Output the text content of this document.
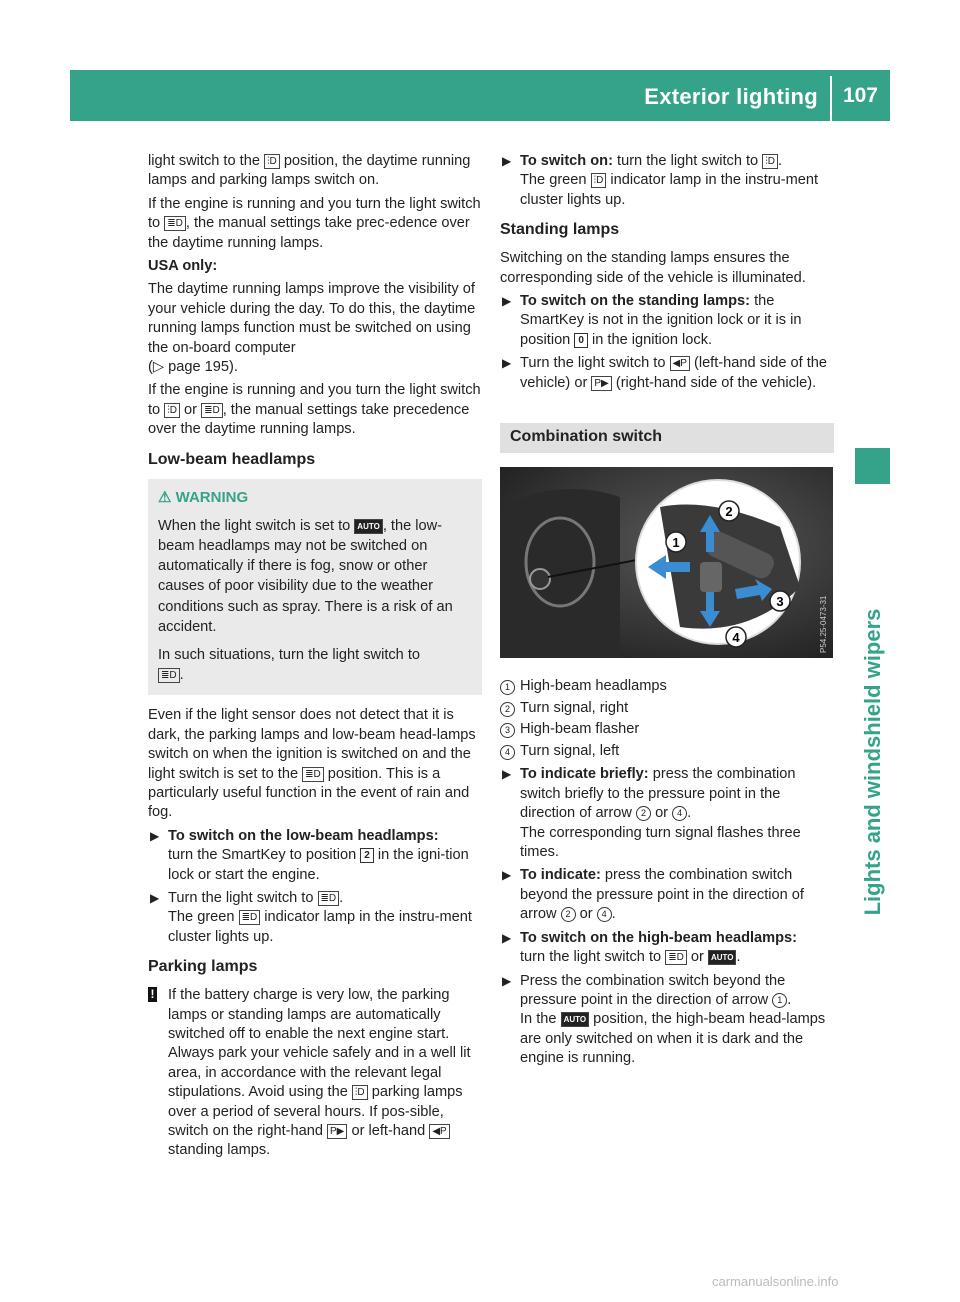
Exterior lighting 107
Lights and windshield wipers

light switch to the ⫶D position, the daytime running lamps and parking lamps switch on.

If the engine is running and you turn the light switch to ≣D , the manual settings take prec-edence over the daytime running lamps.

USA only:

The daytime running lamps improve the visibility of your vehicle during the day. To do this, the daytime running lamps function must be switched on using the on-board computer
(▷ page 195).

If the engine is running and you turn the light switch to ⫶D or ≣D , the manual settings take precedence over the daytime running lamps.

Low-beam headlamps
⚠ WARNING

When the light switch is set to AUTO , the low-beam headlamps may not be switched on automatically if there is fog, snow or other causes of poor visibility due to the weather conditions such as spray. There is a risk of an accident.

In such situations, turn the light switch to
≣D .

Even if the light sensor does not detect that it is dark, the parking lamps and low-beam head-lamps switch on when the ignition is switched on and the light switch is set to the ≣D position. This is a particularly useful function in the event of rain and fog.

▶ To switch on the low-beam headlamps:
turn the SmartKey to position 2 in the igni-tion lock or start the engine.
▶ Turn the light switch to ≣D .
The green ≣D indicator lamp in the instru-ment cluster lights up.
Parking lamps
! If the battery charge is very low, the parking lamps or standing lamps are automatically switched off to enable the next engine start. Always park your vehicle safely and in a well lit area, in accordance with the relevant legal stipulations. Avoid using the ⫶D parking lamps over a period of several hours. If pos-sible, switch on the right-hand P▶ or left-hand ◀P standing lamps.
▶ To switch on: turn the light switch to ⫶D .
The green ⫶D indicator lamp in the instru-ment cluster lights up.
Standing lamps

Switching on the standing lamps ensures the corresponding side of the vehicle is illuminated.

▶ To switch on the standing lamps: the SmartKey is not in the ignition lock or it is in position 0 in the ignition lock.
▶ Turn the light switch to ◀P (left-hand side of the vehicle) or P▶ (right-hand side of the vehicle).
Combination switch
1
2
3
4	P54.25-0473-31

1 High-beam headlamps

2 Turn signal, right

3 High-beam flasher

4 Turn signal, left

▶ To indicate briefly: press the combination switch briefly to the pressure point in the direction of arrow 2 or 4 .
The corresponding turn signal flashes three times.
▶ To indicate: press the combination switch beyond the pressure point in the direction of arrow 2 or 4 .
▶ To switch on the high-beam headlamps:
turn the light switch to ≣D or AUTO .
▶ Press the combination switch beyond the pressure point in the direction of arrow 1 .
In the AUTO position, the high-beam head-lamps are only switched on when it is dark and the engine is running.
carmanualsonline.info
